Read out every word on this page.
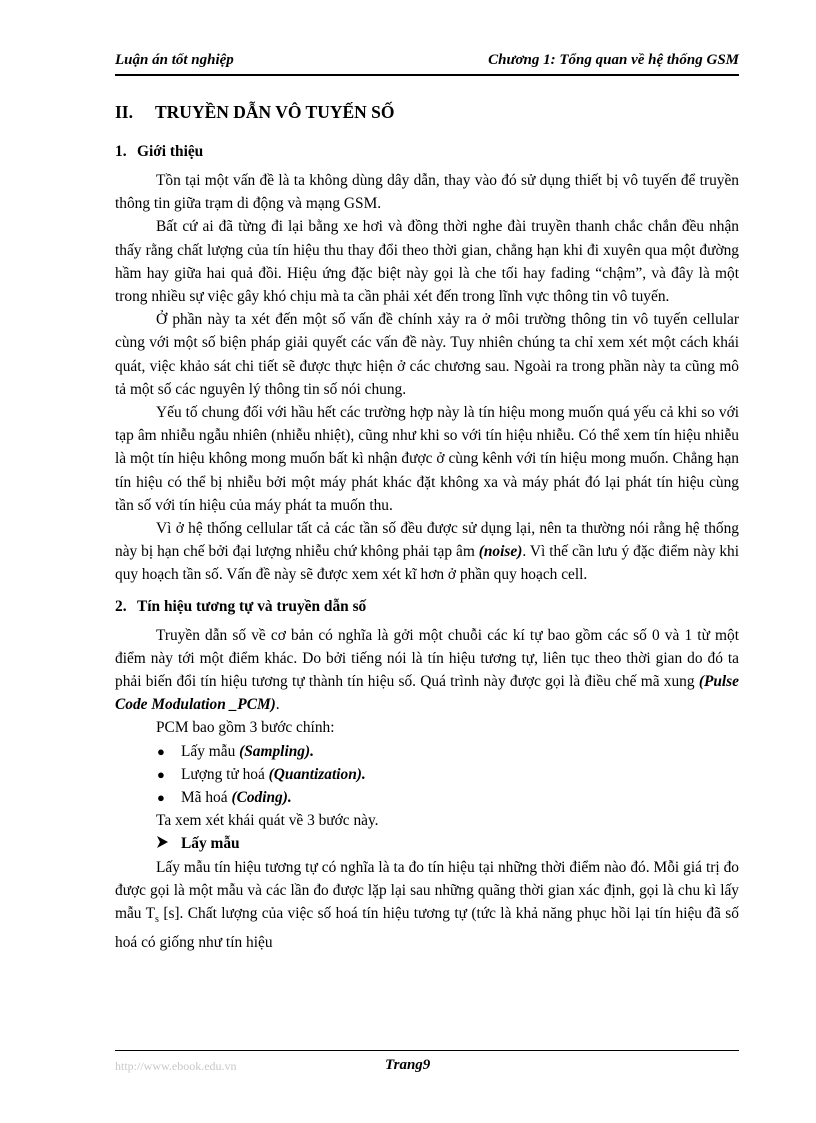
Luận án tốt nghiệp	Chương 1: Tổng quan về hệ thống GSM
II. TRUYỀN DẪN VÔ TUYẾN SỐ
1. Giới thiệu

Tồn tại một vấn đề là ta không dùng dây dẫn, thay vào đó sử dụng thiết bị vô tuyến để truyền thông tin giữa trạm di động và mạng GSM.

Bất cứ ai đã từng đi lại bằng xe hơi và đồng thời nghe đài truyền thanh chắc chắn đều nhận thấy rằng chất lượng của tín hiệu thu thay đổi theo thời gian, chẳng hạn khi đi xuyên qua một đường hầm hay giữa hai quả đồi. Hiệu ứng đặc biệt này gọi là che tối hay fading “chậm”, và đây là một trong nhiều sự việc gây khó chịu mà ta cần phải xét đến trong lĩnh vực thông tin vô tuyến.

Ở phần này ta xét đến một số vấn đề chính xảy ra ở môi trường thông tin vô tuyến cellular cùng với một số biện pháp giải quyết các vấn đề này. Tuy nhiên chúng ta chỉ xem xét một cách khái quát, việc khảo sát chi tiết sẽ được thực hiện ở các chương sau. Ngoài ra trong phần này ta cũng mô tả một số các nguyên lý thông tin số nói chung.

Yếu tố chung đối với hầu hết các trường hợp này là tín hiệu mong muốn quá yếu cả khi so với tạp âm nhiễu ngẫu nhiên (nhiễu nhiệt), cũng như khi so với tín hiệu nhiễu. Có thể xem tín hiệu nhiễu là một tín hiệu không mong muốn bất kì nhận được ở cùng kênh với tín hiệu mong muốn. Chẳng hạn tín hiệu có thể bị nhiễu bởi một máy phát khác đặt không xa và máy phát đó lại phát tín hiệu cùng tần số với tín hiệu của máy phát ta muốn thu.

Vì ở hệ thống cellular tất cả các tần số đều được sử dụng lại, nên ta thường nói rằng hệ thống này bị hạn chế bởi đại lượng nhiễu chứ không phải tạp âm (noise). Vì thế cần lưu ý đặc điểm này khi quy hoạch tần số. Vấn đề này sẽ được xem xét kĩ hơn ở phần quy hoạch cell.

2. Tín hiệu tương tự và truyền dẫn số

Truyền dẫn số về cơ bản có nghĩa là gởi một chuỗi các kí tự bao gồm các số 0 và 1 từ một điểm này tới một điểm khác. Do bởi tiếng nói là tín hiệu tương tự, liên tục theo thời gian do đó ta phải biến đổi tín hiệu tương tự thành tín hiệu số. Quá trình này được gọi là điều chế mã xung (Pulse Code Modulation _PCM).

PCM bao gồm 3 bước chính:

● Lấy mẫu (Sampling).
● Lượng tử hoá (Quantization).
● Mã hoá (Coding).

Ta xem xét khái quát về 3 bước này.

Lấy mẫu

Lấy mẫu tín hiệu tương tự có nghĩa là ta đo tín hiệu tại những thời điểm nào đó. Mỗi giá trị đo được gọi là một mẫu và các lần đo được lặp lại sau những quãng thời gian xác định, gọi là chu kì lấy mẫu $T_s$ [s]. Chất lượng của việc số hoá tín hiệu tương tự (tức là khả năng phục hồi lại tín hiệu đã số hoá có giống như tín hiệu

http://www.ebook.edu.vn	Trang9
